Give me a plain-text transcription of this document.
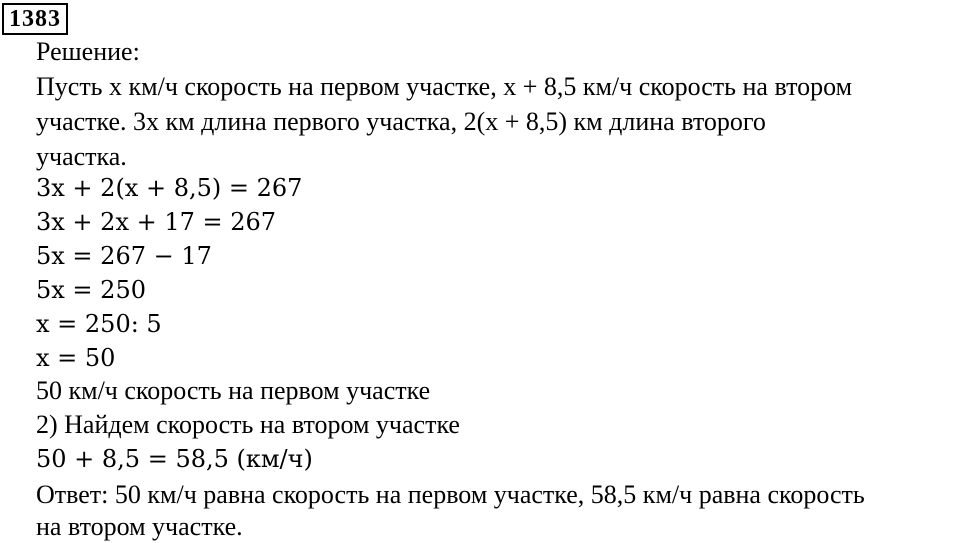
1383
Решение:
Пусть x км/ч скорость на первом участке, x + 8,5 км/ч скорость на втором
участке. 3x км длина первого участка, 2(x + 8,5) км длина второго
участка.
3x + 2(x + 8,5) = 267
3x + 2x + 17 = 267
5x = 267 − 17
5x = 250
x = 250: 5
x = 50
50 км/ч скорость на первом участке
2) Найдем скорость на втором участке
50 + 8,5 = 58,5 (км/ч)
Ответ: 50 км/ч равна скорость на первом участке, 58,5 км/ч равна скорость
на втором участке.
